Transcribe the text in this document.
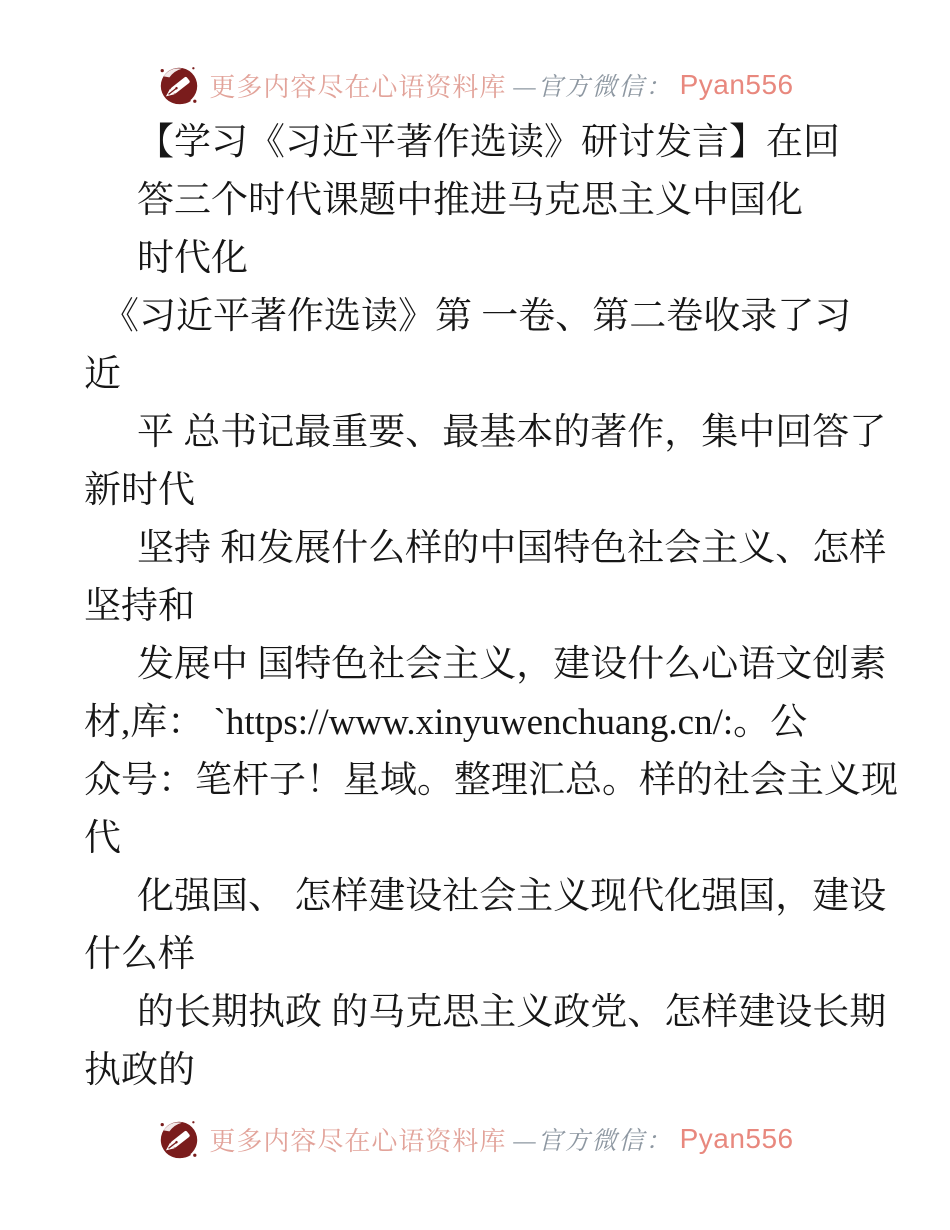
更多内容尽在心语资料库 —官方微信： Pyan556
【学习《习近平著作选读》研讨发言】在回
答三个时代课题中推进马克思主义中国化
时代化
《习近平著作选读》第 一卷、第二卷收录了习
近
平 总书记最重要、最基本的著作，集中回答了
新时代
坚持 和发展什么样的中国特色社会主义、怎样
坚持和
发展中 国特色社会主义，建设什么心语文创素
材,库： `https://www.xinyuwenchuang.cn/:。公
众号：笔杆子！星域。整理汇总。样的社会主义现
代
化强国、 怎样建设社会主义现代化强国，建设
什么样
的长期执政 的马克思主义政党、怎样建设长期
执政的
更多内容尽在心语资料库 —官方微信： Pyan556
